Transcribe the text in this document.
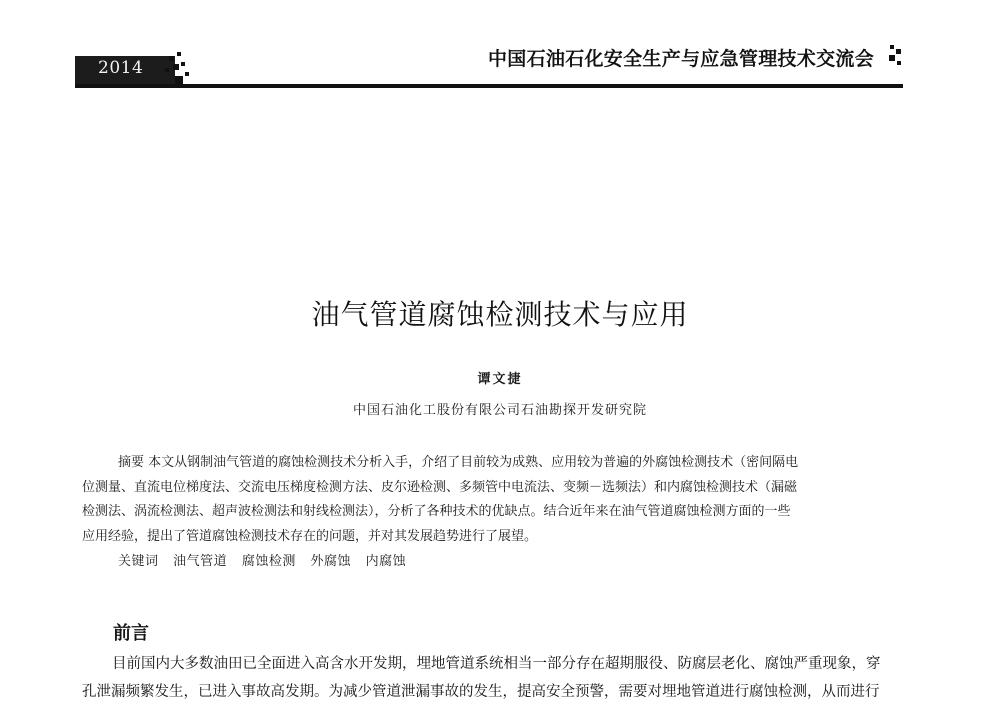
2014	中国石油石化安全生产与应急管理技术交流会
油气管道腐蚀检测技术与应用
谭文捷
中国石油化工股份有限公司石油勘探开发研究院
摘要 本文从钢制油气管道的腐蚀检测技术分析入手，介绍了目前较为成熟、应用较为普遍的外腐蚀检测技术（密间隔电
位测量、直流电位梯度法、交流电压梯度检测方法、皮尔逊检测、多频管中电流法、变频－选频法）和内腐蚀检测技术（漏磁
检测法、涡流检测法、超声波检测法和射线检测法），分析了各种技术的优缺点。结合近年来在油气管道腐蚀检测方面的一些
应用经验，提出了管道腐蚀检测技术存在的问题，并对其发展趋势进行了展望。
关键词 油气管道 腐蚀检测 外腐蚀 内腐蚀
前言
目前国内大多数油田已全面进入高含水开发期，埋地管道系统相当一部分存在超期服役、防腐层老化、腐蚀严重现象，穿
孔泄漏频繁发生，已进入事故高发期。为减少管道泄漏事故的发生，提高安全预警，需要对埋地管道进行腐蚀检测，从而进行
